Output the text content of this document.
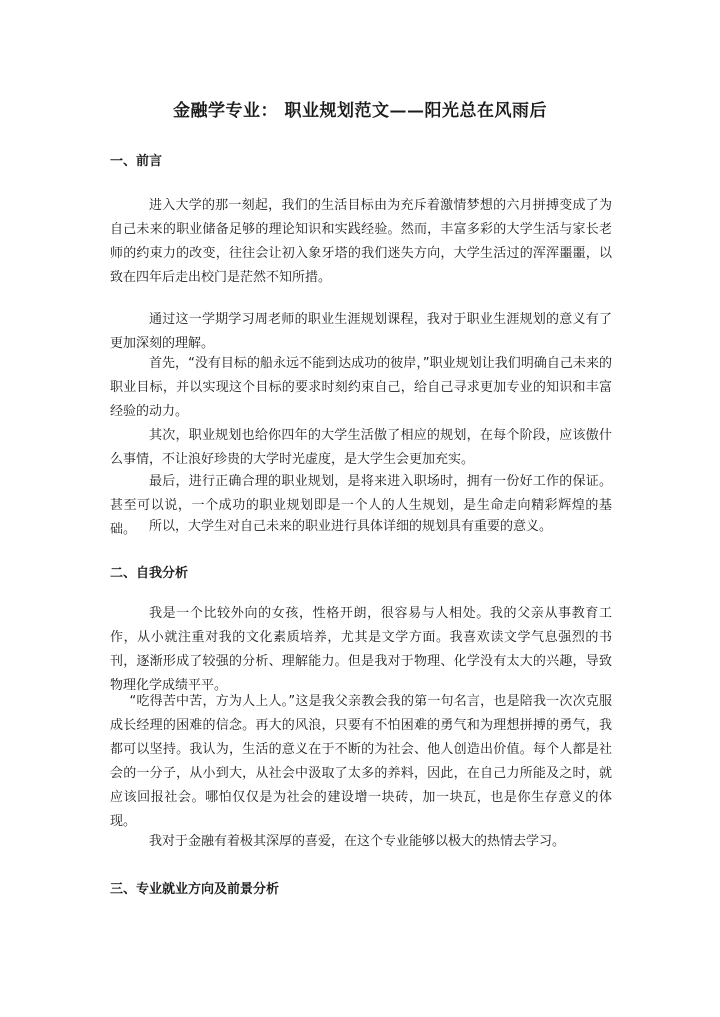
金融学专业： 职业规划范文——阳光总在风雨后
一、前言

进入大学的那一刻起，我们的生活目标由为充斥着激情梦想的六月拼搏变成了为自己未来的职业储备足够的理论知识和实践经验。然而，丰富多彩的大学生活与家长老师的约束力的改变，往往会让初入象牙塔的我们迷失方向，大学生活过的浑浑噩噩，以致在四年后走出校门是茫然不知所措。

通过这一学期学习周老师的职业生涯规划课程，我对于职业生涯规划的意义有了更加深刻的理解。

首先，“没有目标的船永远不能到达成功的彼岸，”职业规划让我们明确自己未来的职业目标，并以实现这个目标的要求时刻约束自己，给自己寻求更加专业的知识和丰富经验的动力。

其次，职业规划也给你四年的大学生活傲了相应的规划，在每个阶段，应该傲什么事情，不让浪好珍贵的大学时光虚度，是大学生会更加充实。

最后，进行正确合理的职业规划，是将来进入职场时，拥有一份好工作的保证。甚至可以说，一个成功的职业规划即是一个人的人生规划，是生命走向精彩辉煌的基础。 所以，大学生对自己未来的职业进行具体详细的规划具有重要的意义。

二、自我分析

我是一个比较外向的女孩，性格开朗，很容易与人相处。我的父亲从事教育工作，从小就注重对我的文化素质培养，尤其是文学方面。我喜欢读文学气息强烈的书刊，逐渐形成了较强的分析、理解能力。但是我对于物理、化学没有太大的兴趣，导致物理化学成绩平平。

“吃得苦中苦，方为人上人。”这是我父亲教会我的第一句名言，也是陪我一次次克服成长经理的困难的信念。再大的风浪，只要有不怕困难的勇气和为理想拼搏的勇气，我都可以坚持。我认为，生活的意义在于不断的为社会、他人创造出价值。每个人都是社会的一分子，从小到大，从社会中汲取了太多的养料，因此，在自己力所能及之时，就应该回报社会。哪怕仅仅是为社会的建设增一块砖，加一块瓦，也是你生存意义的体现。

我对于金融有着极其深厚的喜爱，在这个专业能够以极大的热情去学习。

三、专业就业方向及前景分析
